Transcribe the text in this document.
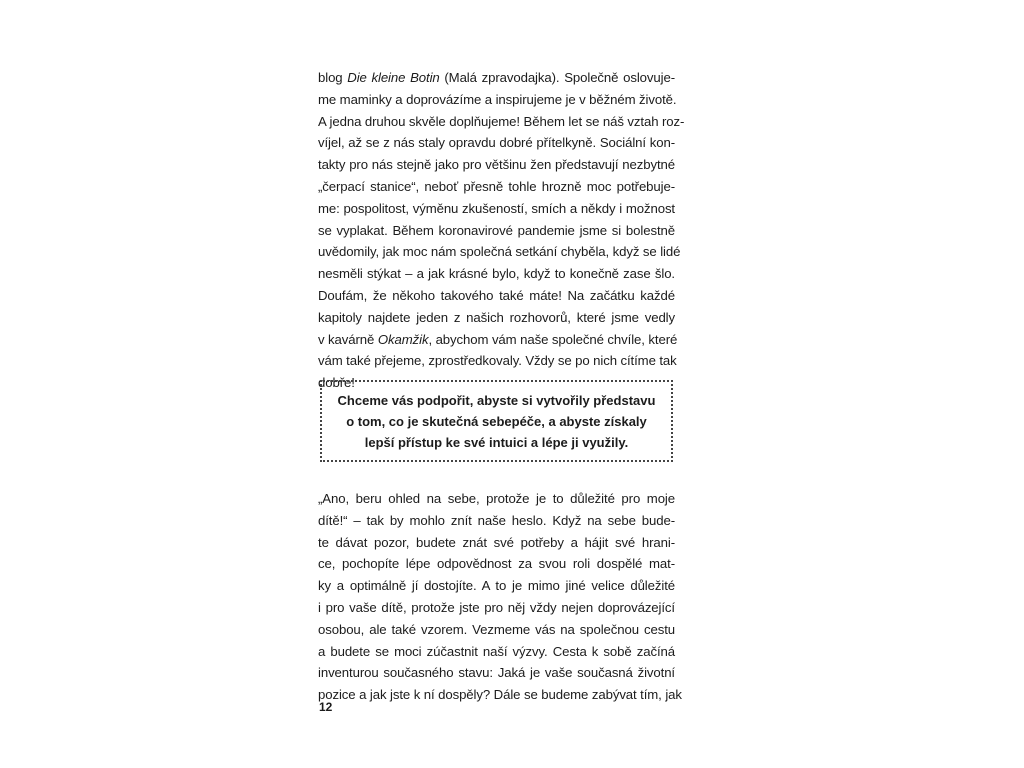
blog Die kleine Botin (Malá zpravodajka). Společně oslovuje-
me maminky a doprovázíme a inspirujeme je v běžném životě.
A jedna druhou skvěle doplňujeme! Během let se náš vztah roz-
víjel, až se z nás staly opravdu dobré přítelkyně. Sociální kon-
takty pro nás stejně jako pro většinu žen představují nezbytné
„čerpací stanice“, neboť přesně tohle hrozně moc potřebuje-
me: pospolitost, výměnu zkušeností, smích a někdy i možnost
se vyplakat. Během koronavirové pandemie jsme si bolestně
uvědomily, jak moc nám společná setkání chyběla, když se lidé
nesměli stýkat – a jak krásné bylo, když to konečně zase šlo.
Doufám, že někoho takového také máte! Na začátku každé
kapitoly najdete jeden z našich rozhovorů, které jsme vedly
v kavárně Okamžik, abychom vám naše společné chvíle, které
vám také přejeme, zprostředkovaly. Vždy se po nich cítíme tak
dobře!

Chceme vás podpořit, abyste si vytvořily představu
o tom, co je skutečná sebepéče, a abyste získaly
lepší přístup ke své intuici a lépe ji využily.

„Ano, beru ohled na sebe, protože je to důležité pro moje
dítě!“ – tak by mohlo znít naše heslo. Když na sebe bude-
te dávat pozor, budete znát své potřeby a hájit své hrani-
ce, pochopíte lépe odpovědnost za svou roli dospělé mat-
ky a optimálně jí dostojíte. A to je mimo jiné velice důležité
i pro vaše dítě, protože jste pro něj vždy nejen doprovázející
osobou, ale také vzorem. Vezmeme vás na společnou cestu
a budete se moci zúčastnit naší výzvy. Cesta k sobě začíná
inventurou současného stavu: Jaká je vaše současná životní
pozice a jak jste k ní dospěly? Dále se budeme zabývat tím, jak
12
